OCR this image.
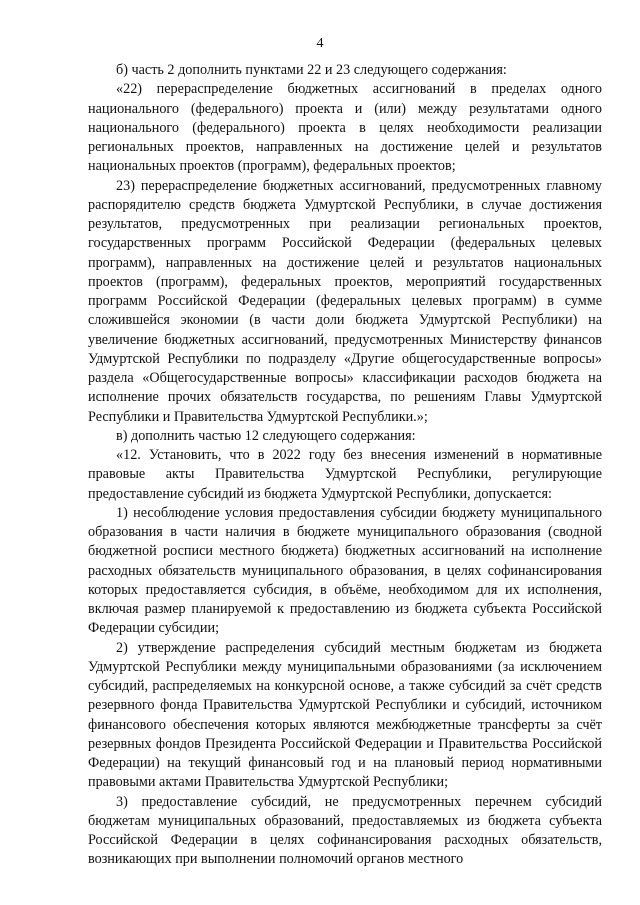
4

б) часть 2 дополнить пунктами 22 и 23 следующего содержания:

«22) перераспределение бюджетных ассигнований в пределах одного национального (федерального) проекта и (или) между результатами одного национального (федерального) проекта в целях необходимости реализации региональных проектов, направленных на достижение целей и результатов национальных проектов (программ), федеральных проектов;

23) перераспределение бюджетных ассигнований, предусмотренных главному распорядителю средств бюджета Удмуртской Республики, в случае достижения результатов, предусмотренных при реализации региональных проектов, государственных программ Российской Федерации (федеральных целевых программ), направленных на достижение целей и результатов национальных проектов (программ), федеральных проектов, мероприятий государственных программ Российской Федерации (федеральных целевых программ) в сумме сложившейся экономии (в части доли бюджета Удмуртской Республики) на увеличение бюджетных ассигнований, предусмотренных Министерству финансов Удмуртской Республики по подразделу «Другие общегосударственные вопросы» раздела «Общегосударственные вопросы» классификации расходов бюджета на исполнение прочих обязательств государства, по решениям Главы Удмуртской Республики и Правительства Удмуртской Республики.»;

в) дополнить частью 12 следующего содержания:

«12. Установить, что в 2022 году без внесения изменений в нормативные правовые акты Правительства Удмуртской Республики, регулирующие предоставление субсидий из бюджета Удмуртской Республики, допускается:

1) несоблюдение условия предоставления субсидии бюджету муниципального образования в части наличия в бюджете муниципального образования (сводной бюджетной росписи местного бюджета) бюджетных ассигнований на исполнение расходных обязательств муниципального образования, в целях софинансирования которых предоставляется субсидия, в объёме, необходимом для их исполнения, включая размер планируемой к предоставлению из бюджета субъекта Российской Федерации субсидии;

2) утверждение распределения субсидий местным бюджетам из бюджета Удмуртской Республики между муниципальными образованиями (за исключением субсидий, распределяемых на конкурсной основе, а также субсидий за счёт средств резервного фонда Правительства Удмуртской Республики и субсидий, источником финансового обеспечения которых являются межбюджетные трансферты за счёт резервных фондов Президента Российской Федерации и Правительства Российской Федерации) на текущий финансовый год и на плановый период нормативными правовыми актами Правительства Удмуртской Республики;

3) предоставление субсидий, не предусмотренных перечнем субсидий бюджетам муниципальных образований, предоставляемых из бюджета субъекта Российской Федерации в целях софинансирования расходных обязательств, возникающих при выполнении полномочий органов местного
